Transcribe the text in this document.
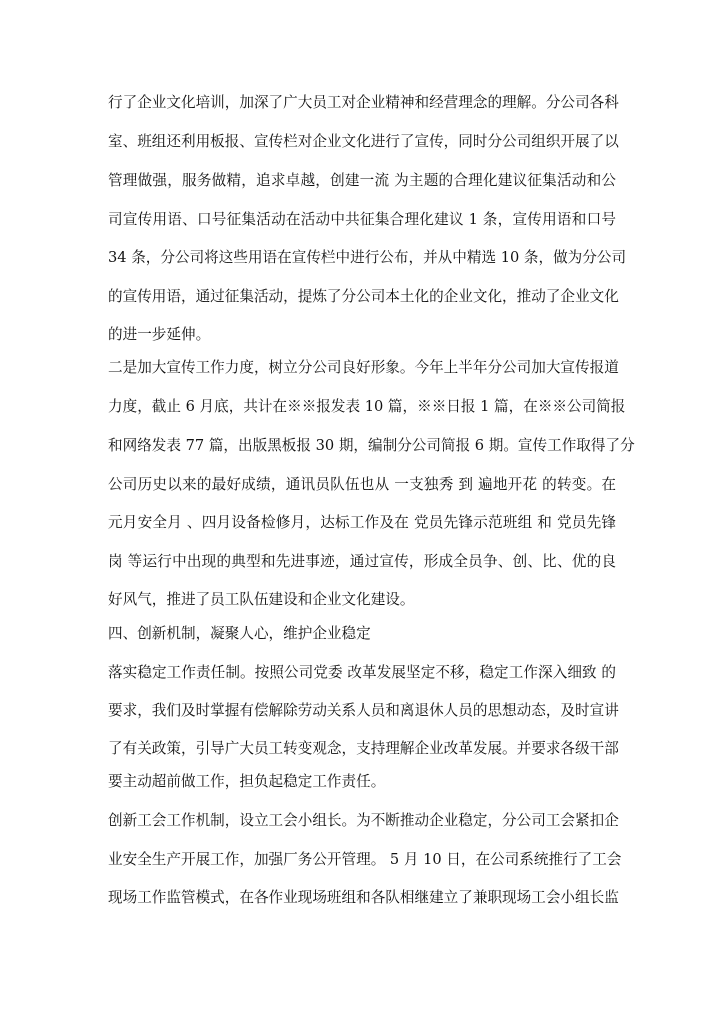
行了企业文化培训，加深了广大员工对企业精神和经营理念的理解。分公司各科
室、班组还利用板报、宣传栏对企业文化进行了宣传，同时分公司组织开展了以
管理做强，服务做精，追求卓越，创建一流 为主题的合理化建议征集活动和公
司宣传用语、口号征集活动在活动中共征集合理化建议 1 条，宣传用语和口号
34 条，分公司将这些用语在宣传栏中进行公布，并从中精选 10 条，做为分公司
的宣传用语，通过征集活动，提炼了分公司本土化的企业文化，推动了企业文化
的进一步延伸。
二是加大宣传工作力度，树立分公司良好形象。今年上半年分公司加大宣传报道
力度，截止 6 月底，共计在※※报发表 10 篇，※※日报 1 篇，在※※公司简报
和网络发表 77 篇，出版黑板报 30 期，编制分公司简报 6 期。宣传工作取得了分
公司历史以来的最好成绩，通讯员队伍也从 一支独秀 到 遍地开花 的转变。在
元月安全月 、四月设备检修月，达标工作及在 党员先锋示范班组 和 党员先锋
岗 等运行中出现的典型和先进事迹，通过宣传，形成全员争、创、比、优的良
好风气，推进了员工队伍建设和企业文化建设。
四、创新机制，凝聚人心，维护企业稳定
落实稳定工作责任制。按照公司党委 改革发展坚定不移，稳定工作深入细致 的
要求，我们及时掌握有偿解除劳动关系人员和离退休人员的思想动态，及时宣讲
了有关政策，引导广大员工转变观念，支持理解企业改革发展。并要求各级干部
要主动超前做工作，担负起稳定工作责任。
创新工会工作机制，设立工会小组长。为不断推动企业稳定，分公司工会紧扣企
业安全生产开展工作，加强厂务公开管理。 5 月 10 日，在公司系统推行了工会
现场工作监管模式，在各作业现场班组和各队相继建立了兼职现场工会小组长监
